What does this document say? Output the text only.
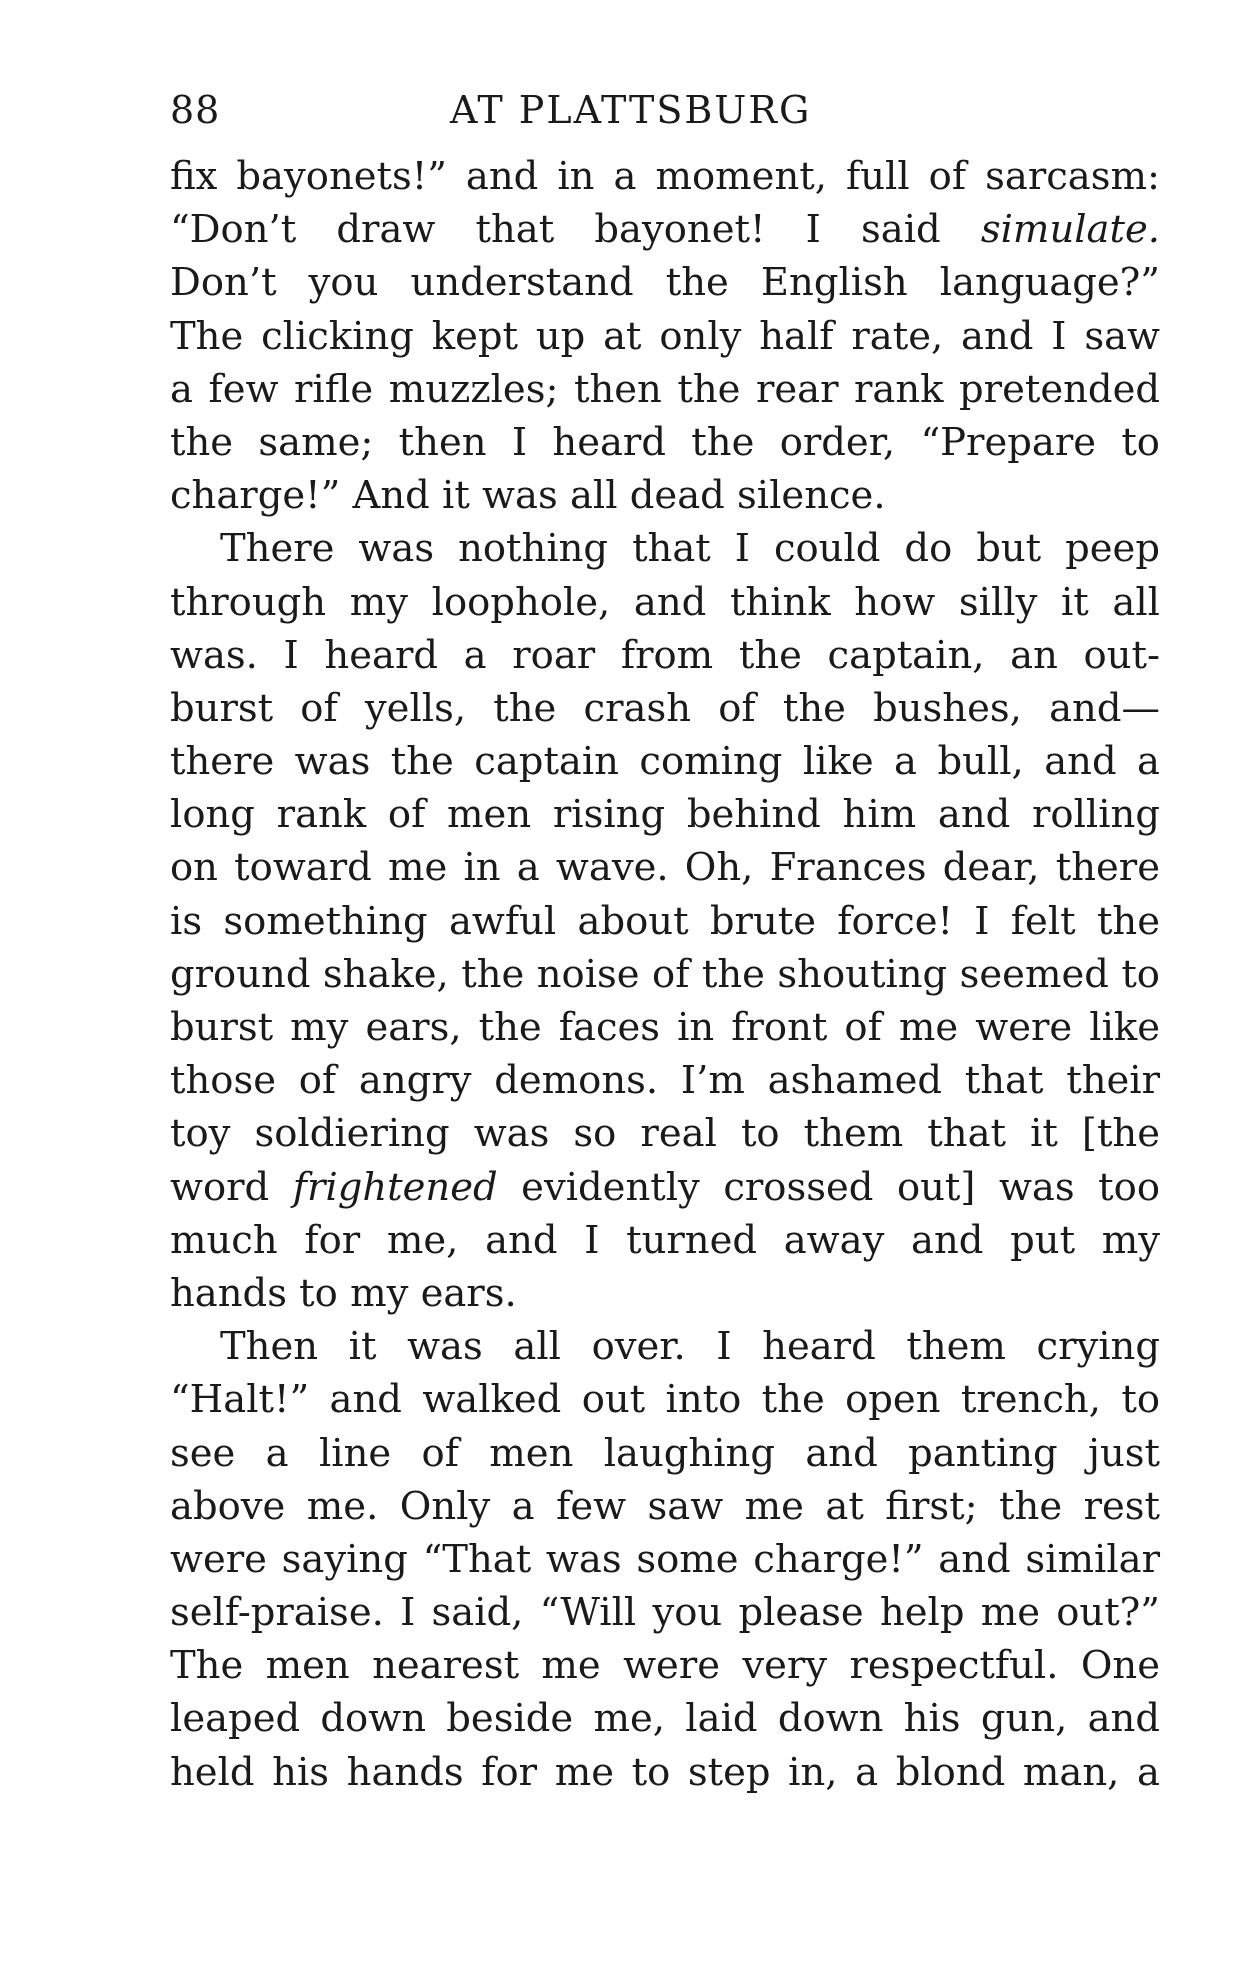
88	AT PLATTSBURG
fix bayonets!” and in a moment, full of sarcasm:
“Don’t draw that bayonet! I said simulate.
Don’t you understand the English language?”
The clicking kept up at only half rate, and I saw
a few rifle muzzles; then the rear rank pretended
the same; then I heard the order, “Prepare to
charge!” And it was all dead silence.
There was nothing that I could do but peep
through my loophole, and think how silly it all
was. I heard a roar from the captain, an out-
burst of yells, the crash of the bushes, and—
there was the captain coming like a bull, and a
long rank of men rising behind him and rolling
on toward me in a wave. Oh, Frances dear, there
is something awful about brute force! I felt the
ground shake, the noise of the shouting seemed to
burst my ears, the faces in front of me were like
those of angry demons. I’m ashamed that their
toy soldiering was so real to them that it [the
word frightened evidently crossed out] was too
much for me, and I turned away and put my
hands to my ears.
Then it was all over. I heard them crying
“Halt!” and walked out into the open trench, to
see a line of men laughing and panting just
above me. Only a few saw me at first; the rest
were saying “That was some charge!” and similar
self-praise. I said, “Will you please help me out?”
The men nearest me were very respectful. One
leaped down beside me, laid down his gun, and
held his hands for me to step in, a blond man, a
